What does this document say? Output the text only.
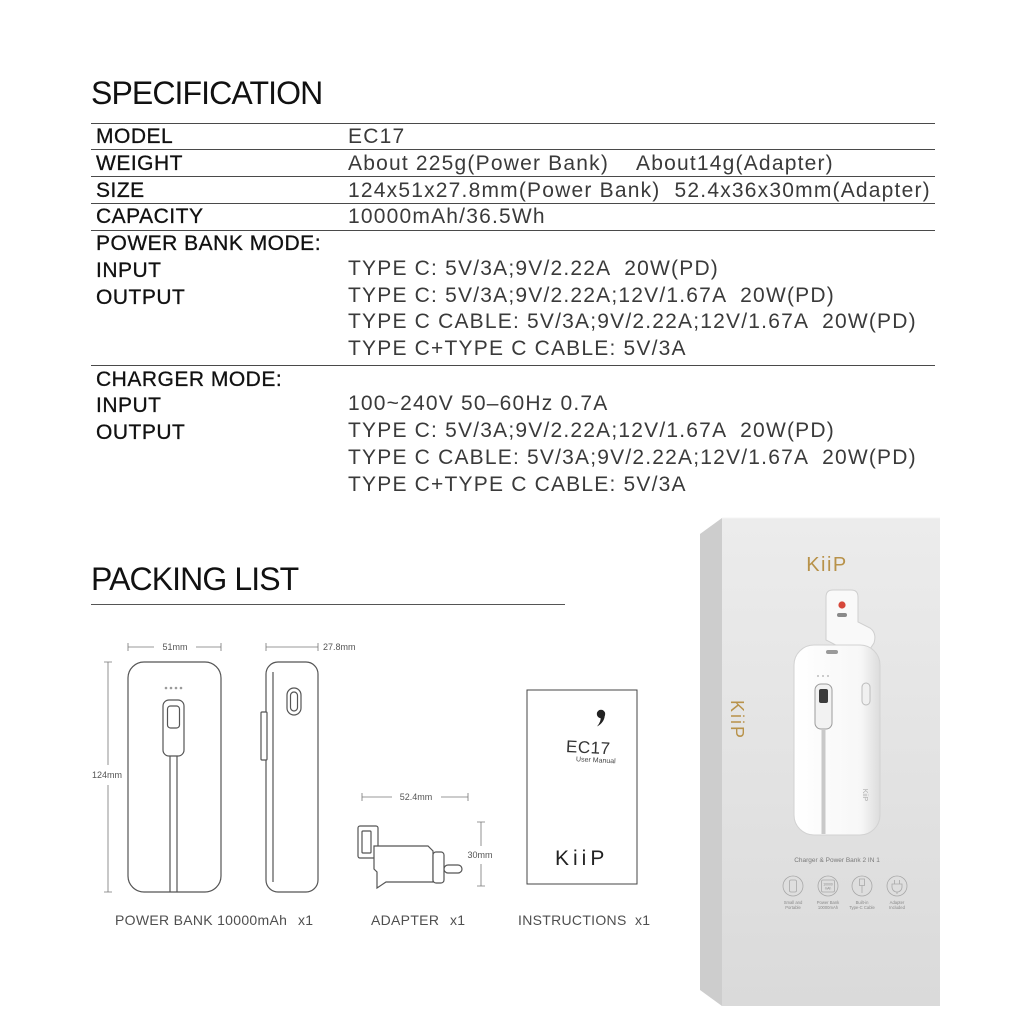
SPECIFICATION
MODEL	EC17
WEIGHT	About 225g(Power Bank)    About14g(Adapter)
SIZE	124x51x27.8mm(Power Bank)  52.4x36x30mm(Adapter)
CAPACITY	10000mAh/36.5Wh
POWER BANK MODE:
INPUT	TYPE C: 5V/3A;9V/2.22A  20W(PD)
OUTPUT	TYPE C: 5V/3A;9V/2.22A;12V/1.67A  20W(PD)
TYPE C CABLE: 5V/3A;9V/2.22A;12V/1.67A  20W(PD)
TYPE C+TYPE C CABLE: 5V/3A
CHARGER MODE:
INPUT	100~240V 50–60Hz 0.7A
OUTPUT	TYPE C: 5V/3A;9V/2.22A;12V/1.67A  20W(PD)
TYPE C CABLE: 5V/3A;9V/2.22A;12V/1.67A  20W(PD)
TYPE C+TYPE C CABLE: 5V/3A
PACKING LIST
51mm	27.8mm
124mm
52.4mm
30mm
EC17
User Manual
KiiP
KiiP
KiiP
KiiP
Charger & Power Bank 2 IN 1
10000
mAh
Small and
Portable
Power Bank
10000mAh
Built-in
Type-C Cable
Adapter
Included
POWER BANK 10000mAh x1	ADAPTER x1	INSTRUCTIONS x1
